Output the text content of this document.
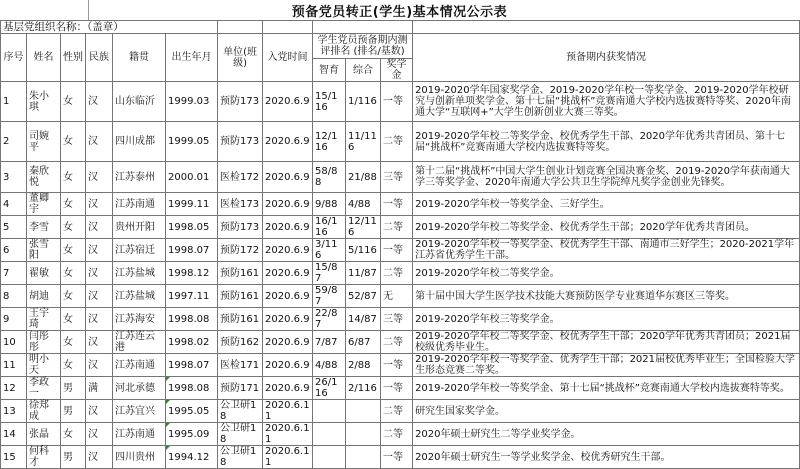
预备党员转正(学生)基本情况公示表
基层党组织名称：（盖章）											
序号	姓名	性别	民族	籍贯	出生年月	单位(班级)	入党时间	学生党员预备期内测评排名 (排名/基数)			预备期内获奖情况
								智育	综合	奖学金	
1	朱小琪	女	汉	山东临沂	1999.03	预防173	2020.6.9	15/116	1/116	一等	2019-2020学年国家奖学金、2019-2020学年校一等奖学金、2019-2020学年校研究与创新单项奖学金、第十七届“挑战杯”竞赛南通大学校内选拔赛特等奖、2020年南通大学“互联网+”大学生创新创业大赛三等奖。
2	司婉平	女	汉	四川成都	1999.05	预防173	2020.6.9	12/116	11/116	二等	2019-2020学年校二等奖学金、校优秀学生干部、2020学年优秀共青团员、第十七届“挑战杯”竞赛南通大学校内选拔赛特等奖。
3	秦欣悦	女	汉	江苏泰州	2000.01	医检172	2020.6.9	58/88	21/88	三等	第十二届“挑战杯”中国大学生创业计划竞赛全国决赛金奖、2019-2020学年获南通大学三等奖学金、2020年南通大学公共卫生学院绰凡奖学金创业先锋奖。
4	董卿宇	女	汉	江苏南通	1999.11	医检173	2020.6.9	9/88	4/88	一等	2019-2020学年校一等奖学金、三好学生。
5	李雪	女	汉	贵州开阳	1998.05	预防173	2020.6.9	16/116	12/116	二等	2019-2020学年校二等奖学金、校优秀学生干部；2020学年优秀共青团员。
6	张雪阳	女	汉	江苏宿迁	1998.07	预防172	2020.6.9	3/116	5/116	一等	2019-2020学年校一等奖学金、校优秀学生干部、南通市三好学生；2020-2021学年江苏省优秀学生干部。
7	翟敏	女	汉	江苏盐城	1998.12	预防161	2020.6.9	15/87	11/87	二等	2019-2020学年校二等奖学金。
8	胡迪	女	汉	江苏盐城	1997.11	预防161	2020.6.9	59/87	52/87	无	第十届中国大学生医学技术技能大赛预防医学专业赛道华东赛区三等奖。
9	王宇琦	女	汉	江苏海安	1998.08	预防161	2020.6.9	22/87	14/87	三等	2019-2020学年校三等奖学金。
10	闫彤彤	女	汉	江苏连云港	1998.02	预防162	2020.6.9	7/87	6/87	二等	2019-2020学年校二等奖学金、校优秀学生干部；2020学年优秀共青团员；2021届校级优秀毕业生。
11	明小天	女	汉	江苏南通	1998.07	医检171	2020.6.9	4/88	2/88	一等	2019-2020学年校一等奖学金、优秀学生干部；2021届校优秀毕业生；全国检验大学生形态竞赛二等奖。
12	李政一	男	满	河北承德	1998.08	预防171	2020.6.9	26/116	2/116	一等	2019-2020学年校一等奖学金、第十七届“挑战杯”竞赛南通大学校内选拔赛特等奖。
13	徐郑成	男	汉	江苏宜兴	1995.05	公卫研18	2020.6.11			二等	研究生国家奖学金。
14	张晶	女	汉	江苏南通	1995.09	公卫研18	2020.6.11			二等	2020年硕士研究生二等学业奖学金。
15	何科才	男	汉	四川贵州	1994.12	公卫研18	2020.6.11			一等	2020年硕士研究生一等学业奖学金、校优秀研究生干部。
